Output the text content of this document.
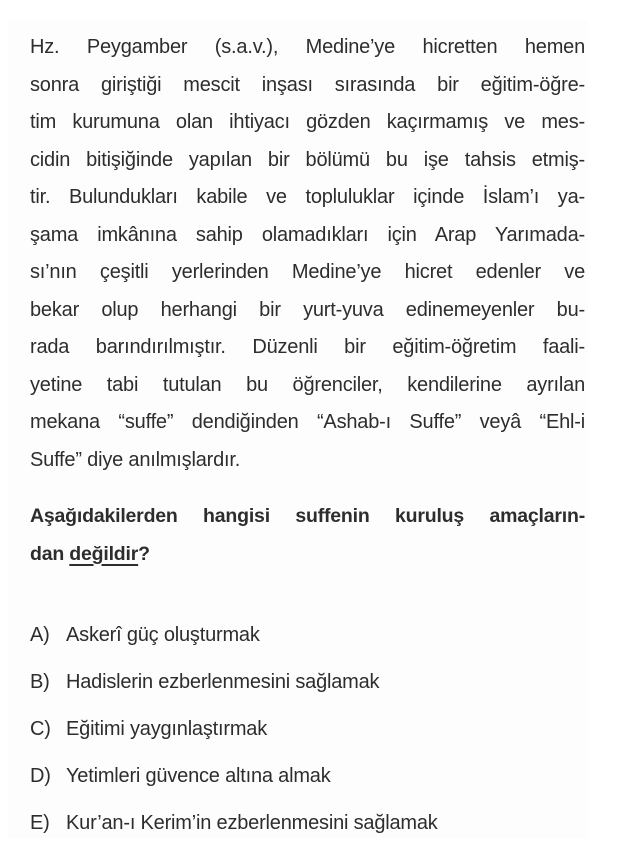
Hz. Peygamber (s.a.v.), Medine’ye hicretten hemen
sonra giriştiği mescit inşası sırasında bir eğitim-öğre-
tim kurumuna olan ihtiyacı gözden kaçırmamış ve mes-
cidin bitişiğinde yapılan bir bölümü bu işe tahsis etmiş-
tir. Bulundukları kabile ve topluluklar içinde İslam’ı ya-
şama imkânına sahip olamadıkları için Arap Yarımada-
sı’nın çeşitli yerlerinden Medine’ye hicret edenler ve
bekar olup herhangi bir yurt-yuva edinemeyenler bu-
rada barındırılmıştır. Düzenli bir eğitim-öğretim faali-
yetine tabi tutulan bu öğrenciler, kendilerine ayrılan
mekana “suffe” dendiğinden “Ashab-ı Suffe” veyâ “Ehl-i
Suffe” diye anılmışlardır.
Aşağıdakilerden hangisi suffenin kuruluş amaçların-
dan değildir?
A) Askerî güç oluşturmak
B) Hadislerin ezberlenmesini sağlamak
C) Eğitimi yaygınlaştırmak
D) Yetimleri güvence altına almak
E) Kur’an-ı Kerim’in ezberlenmesini sağlamak
